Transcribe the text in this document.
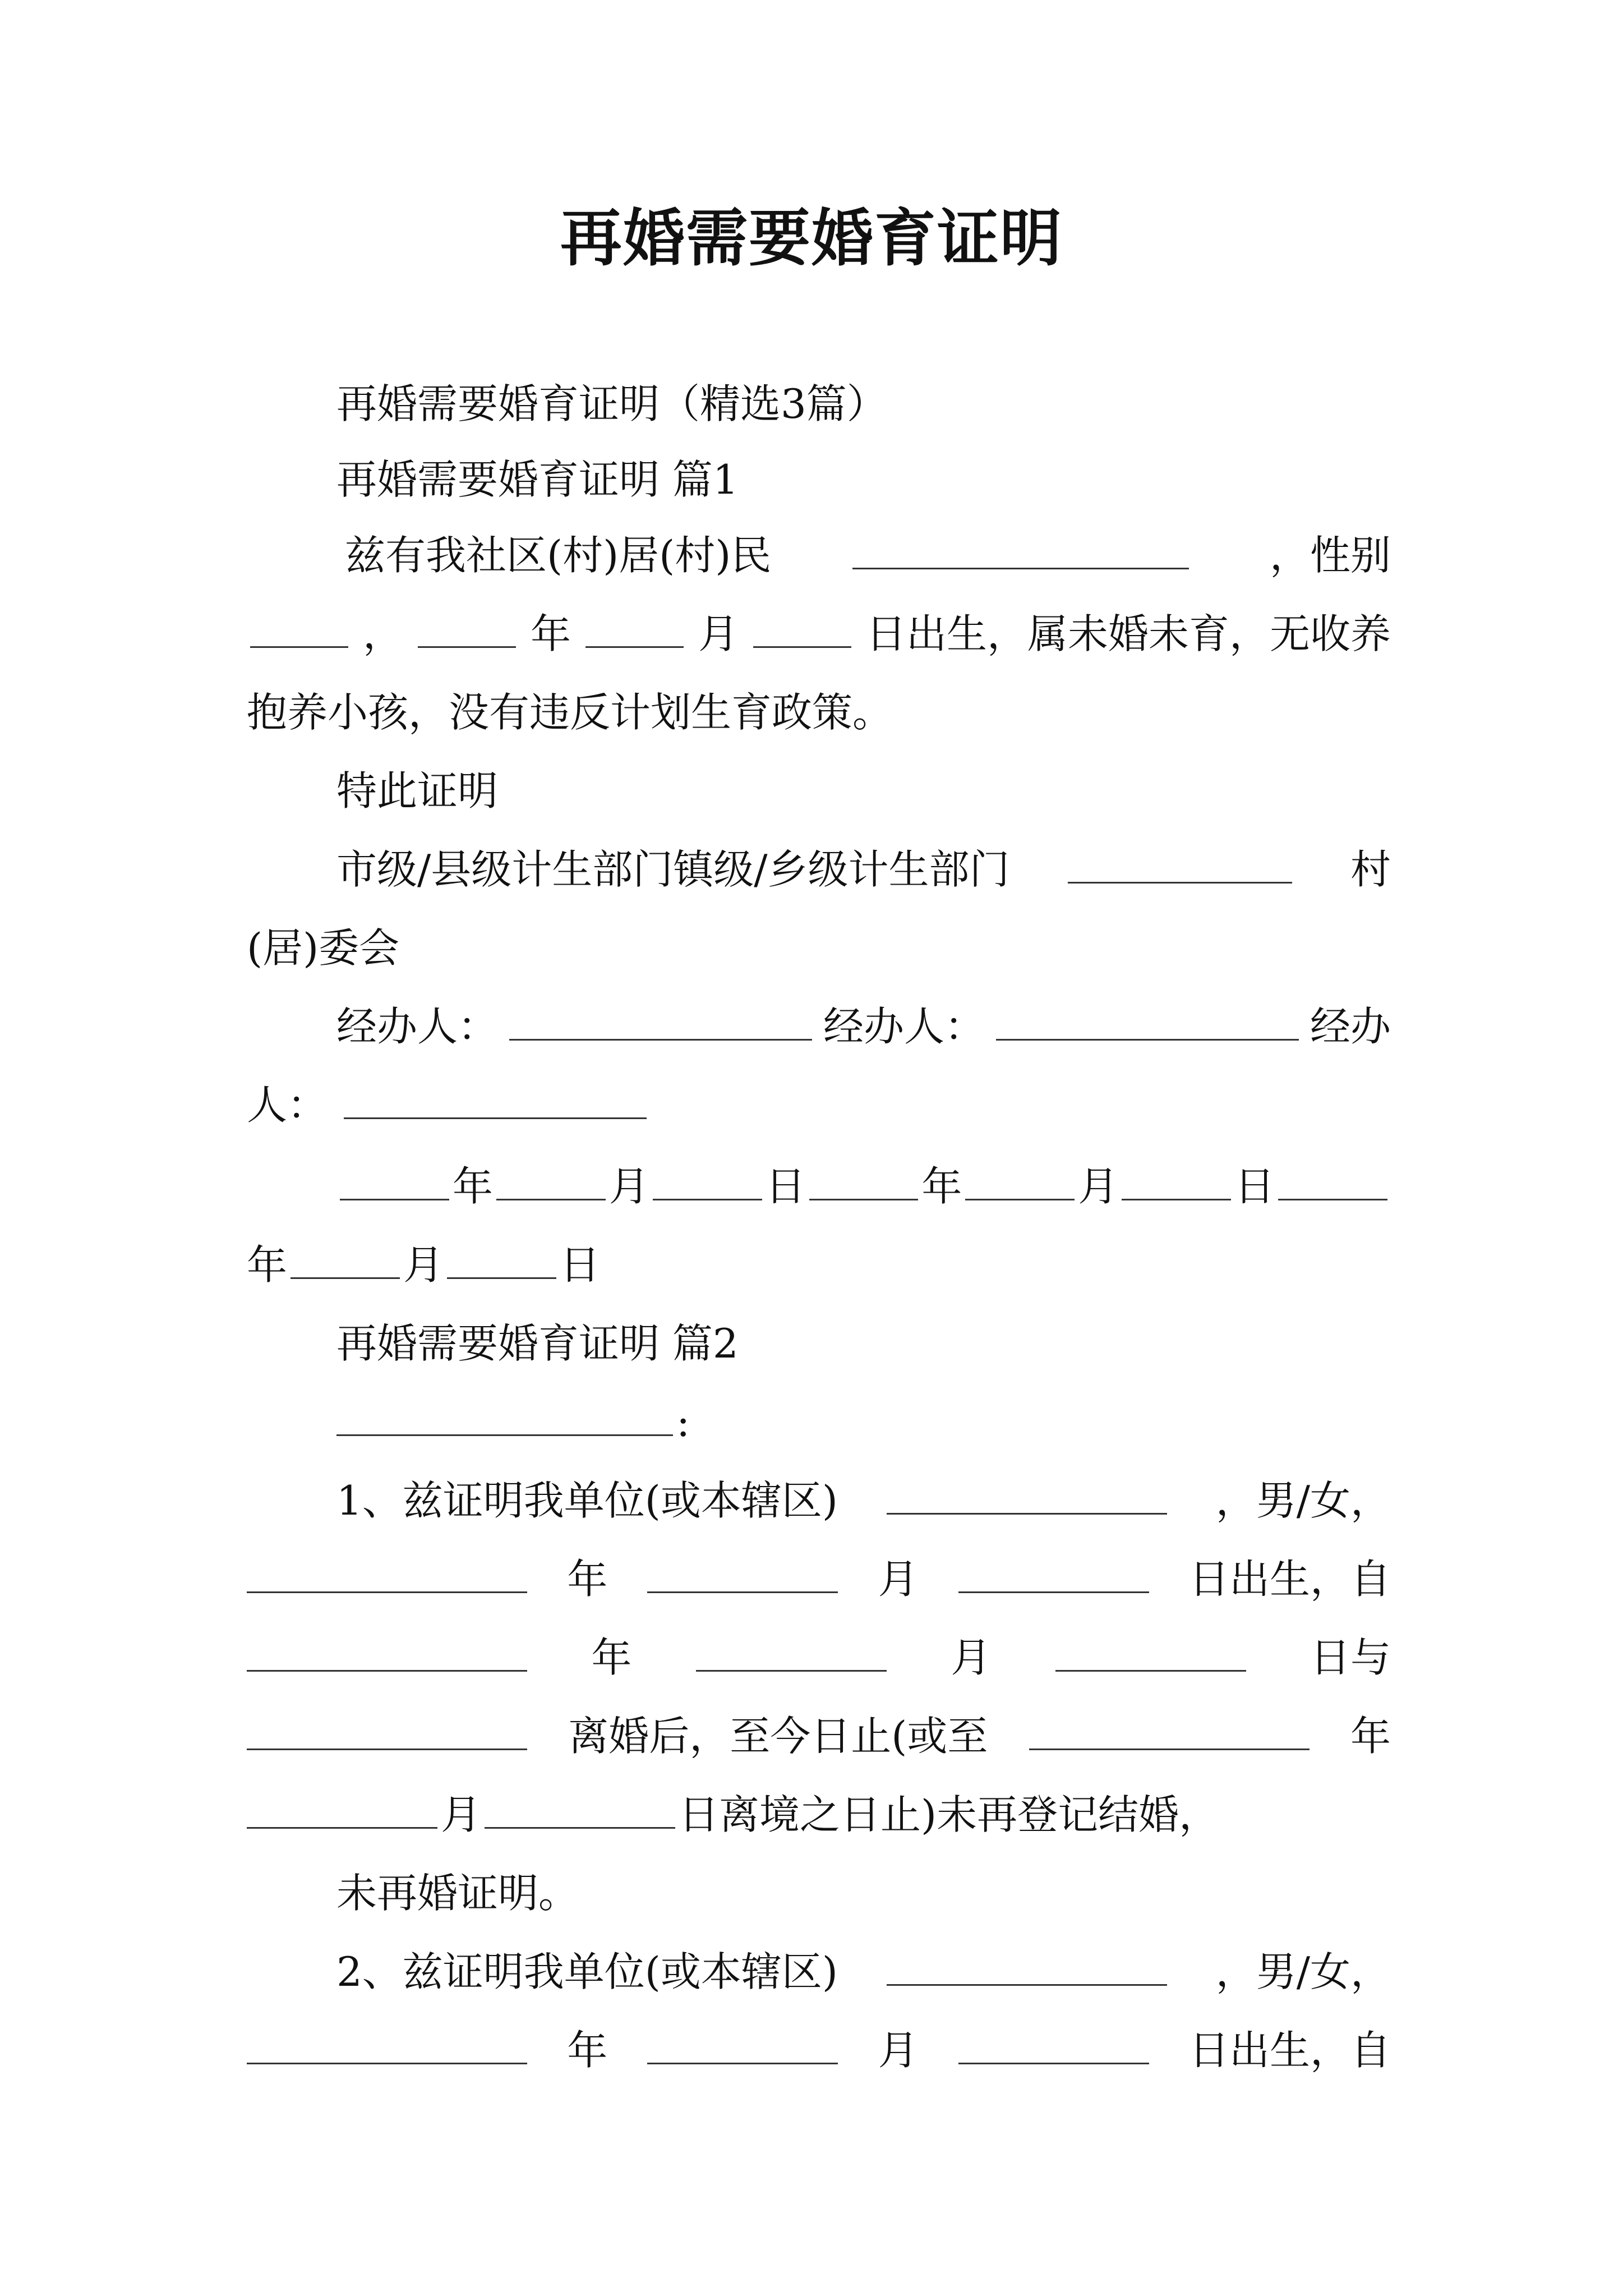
再婚需要婚育证明
再婚需要婚育证明（精选3篇）
再婚需要婚育证明 篇1
兹有我社区(村)居(村)民	，性别
，	年	月	日出生，属未婚未育，无收养
抱养小孩，没有违反计划生育政策。
特此证明
市级/县级计生部门镇级/乡级计生部门	村
(居)委会
经办人：	经办人：	经办
人：
年	月	日	年	月	日
年	月	日
再婚需要婚育证明 篇2
:
1、兹证明我单位(或本辖区)	，男/女，
年	月	日出生，自
年	月	日与
离婚后，至今日止(或至	年
月	日离境之日止)未再登记结婚，
未再婚证明。
2、兹证明我单位(或本辖区)	，男/女，
年	月	日出生，自
